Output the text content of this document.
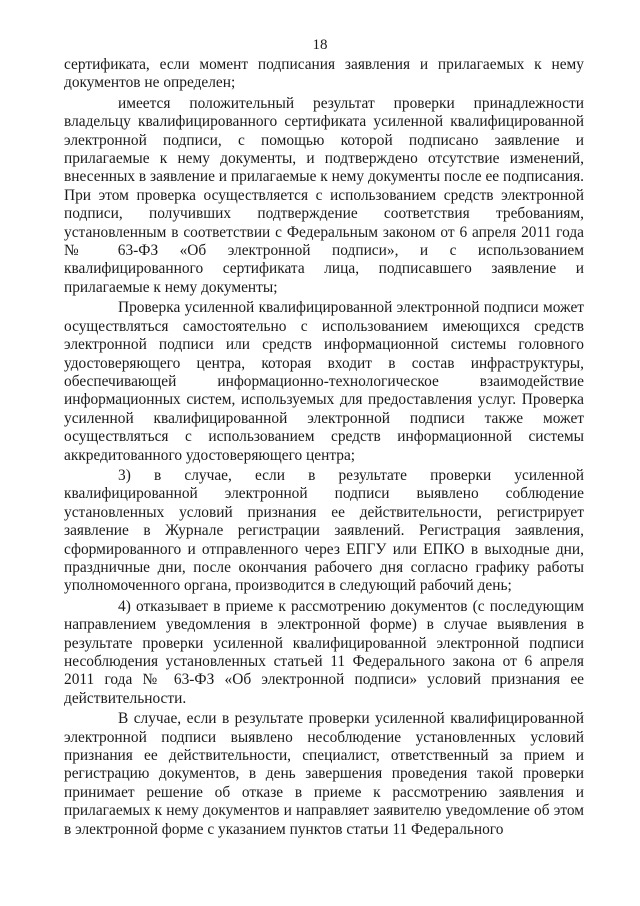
18

сертификата, если момент подписания заявления и прилагаемых к нему документов не определен;

имеется положительный результат проверки принадлежности владельцу квалифицированного сертификата усиленной квалифицированной электронной подписи, с помощью которой подписано заявление и прилагаемые к нему документы, и подтверждено отсутствие изменений, внесенных в заявление и прилагаемые к нему документы после ее подписания. При этом проверка осуществляется с использованием средств электронной подписи, получивших подтверждение соответствия требованиям, установленным в соответствии с Федеральным законом от 6 апреля 2011 года № 63-ФЗ «Об электронной подписи», и с использованием квалифицированного сертификата лица, подписавшего заявление и прилагаемые к нему документы;

Проверка усиленной квалифицированной электронной подписи может осуществляться самостоятельно с использованием имеющихся средств электронной подписи или средств информационной системы головного удостоверяющего центра, которая входит в состав инфраструктуры, обеспечивающей информационно-технологическое взаимодействие информационных систем, используемых для предоставления услуг. Проверка усиленной квалифицированной электронной подписи также может осуществляться с использованием средств информационной системы аккредитованного удостоверяющего центра;

3) в случае, если в результате проверки усиленной квалифицированной электронной подписи выявлено соблюдение установленных условий признания ее действительности, регистрирует заявление в Журнале регистрации заявлений. Регистрация заявления, сформированного и отправленного через ЕПГУ или ЕПКО в выходные дни, праздничные дни, после окончания рабочего дня согласно графику работы уполномоченного органа, производится в следующий рабочий день;

4) отказывает в приеме к рассмотрению документов (с последующим направлением уведомления в электронной форме) в случае выявления в результате проверки усиленной квалифицированной электронной подписи несоблюдения установленных статьей 11 Федерального закона от 6 апреля 2011 года № 63-ФЗ «Об электронной подписи» условий признания ее действительности.

В случае, если в результате проверки усиленной квалифицированной электронной подписи выявлено несоблюдение установленных условий признания ее действительности, специалист, ответственный за прием и регистрацию документов, в день завершения проведения такой проверки принимает решение об отказе в приеме к рассмотрению заявления и прилагаемых к нему документов и направляет заявителю уведомление об этом в электронной форме с указанием пунктов статьи 11 Федерального
